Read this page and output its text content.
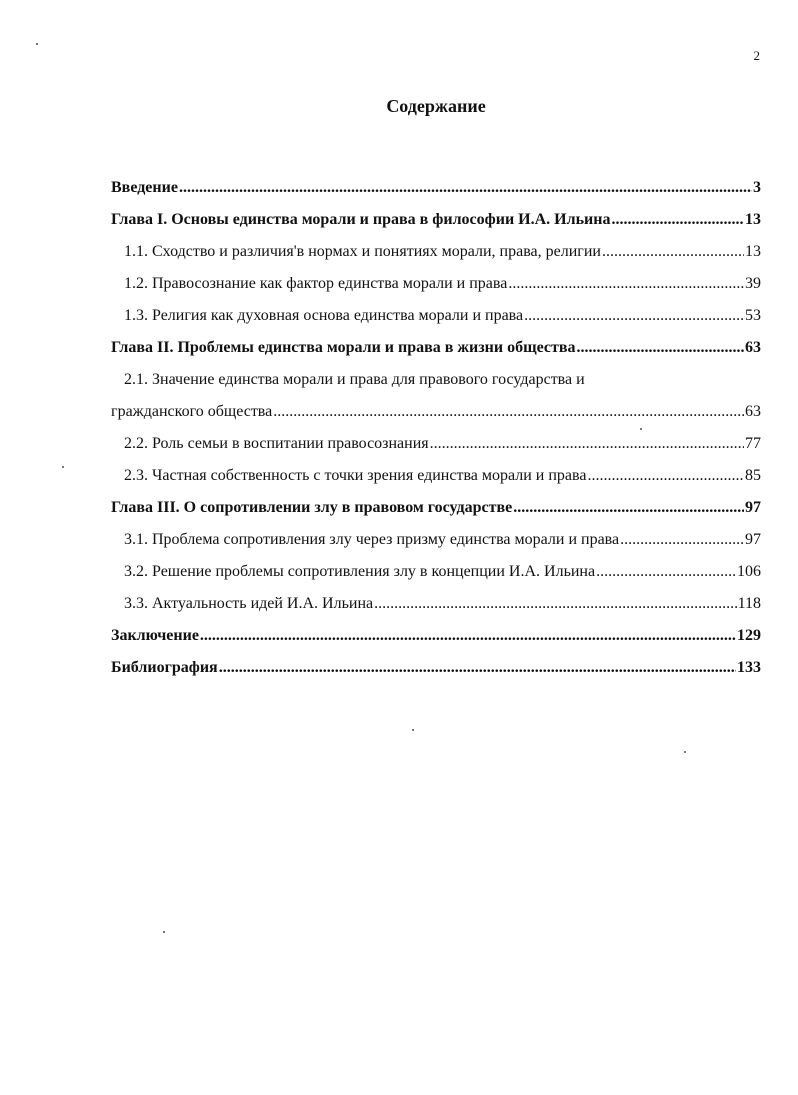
2
Содержание
Введение .....	3
Глава I. Основы единства морали и права в философии И.А. Ильина .....	13
1.1. Сходство и различия'в нормах и понятиях морали, права, религии .....	13
1.2. Правосознание как фактор единства морали и права .....	39
1.3. Религия как духовная основа единства морали и права .....	53
Глава II. Проблемы единства морали и права в жизни общества .....	63
2.1. Значение единства морали и права для правового государства и
гражданского общества .....	63
2.2. Роль семьи в воспитании правосознания .....	77
2.3. Частная собственность с точки зрения единства морали и права .....	85
Глава III. О сопротивлении злу в правовом государстве .....	97
3.1. Проблема сопротивления злу через призму единства морали и права .....	97
3.2. Решение проблемы сопротивления злу в концепции И.А. Ильина .....	106
3.3. Актуальность идей И.А. Ильина .....	118
Заключение .....	129
Библиография .....	133
